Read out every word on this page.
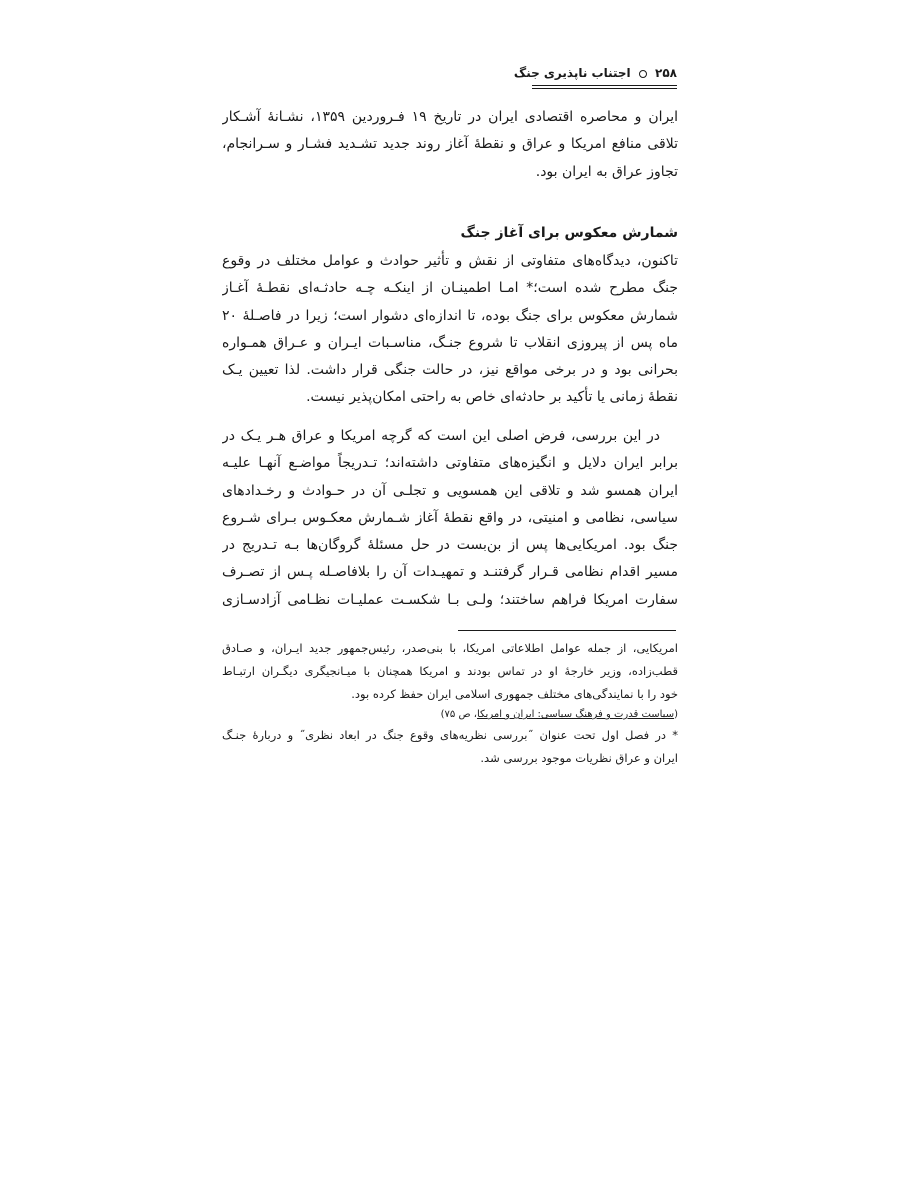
۲۵۸  اجتناب ناپذیری جنگ
ایران و محاصره اقتصادی ایران در تاریخ ۱۹ فـروردین ۱۳۵۹، نشـانهٔ آشـکار
تلاقی منافع امریکا و عراق و نقطهٔ آغاز روند جدید تشـدید فشـار و سـرانجام،
تجاوز عراق به ایران بود.
شمارش معکوس برای آغاز جنگ
تاکنون، دیدگاه‌های متفاوتی از نقش و تأثیر حوادث و عوامل مختلف در وقوع
جنگ مطرح شده است؛* امـا اطمینـان از اینکـه چـه حادثـه‌ای نقطـهٔ آغـاز
شمارش معکوس برای جنگ بوده، تا اندازه‌ای دشوار است؛ زیرا در فاصـلهٔ ۲۰
ماه پس از پیروزی انقلاب تا شروع جنـگ، مناسـبات ایـران و عـراق همـواره
بحرانی بود و در برخی مواقع نیز، در حالت جنگی قرار داشت. لذا تعیین یـک
نقطهٔ زمانی یا تأکید بر حادثه‌ای خاص به راحتی امکان‌پذیر نیست.
در این بررسی، فرض اصلی این است که گرچه امریکا و عراق هـر یـک در
برابر ایران دلایل و انگیزه‌های متفاوتی داشته‌اند؛ تـدریجاً مواضـع آنهـا علیـه
ایران همسو شد و تلاقی این همسویی و تجلـی آن در حـوادث و رخـدادهای
سیاسی، نظامی و امنیتی، در واقع نقطهٔ آغاز شـمارش معکـوس بـرای شـروع
جنگ بود. امریکایی‌ها پس از بن‌بست در حل مسئلهٔ گروگان‌ها بـه تـدریج در
مسیر اقدام نظامی قـرار گرفتنـد و تمهیـدات آن را بلافاصـله پـس از تصـرف
سفارت امریکا فراهم ساختند؛ ولـی بـا شکسـت عملیـات نظـامی آزادسـازی
امریکایی، از جمله عوامل اطلاعاتی امریکا، با بنی‌صدر، رئیس‌جمهور جدید ایـران، و صـادق
قطب‌زاده، وزیر خارجهٔ او در تماس بودند و امریکا همچنان با میـانجیگری دیگـران ارتبـاط
خود را با نمایندگی‌های مختلف جمهوری اسلامی ایران حفظ کرده بود.
(سیاست قدرت و فرهنگ سیاسی: ایران و امریکا، ص ۷۵)
* در فصل اول تحت عنوان ˝بررسی نظریه‌های وقوع جنگ در ابعاد نظری˝ و دربارهٔ جنـگ
ایران و عراق نظریات موجود بررسی شد.
